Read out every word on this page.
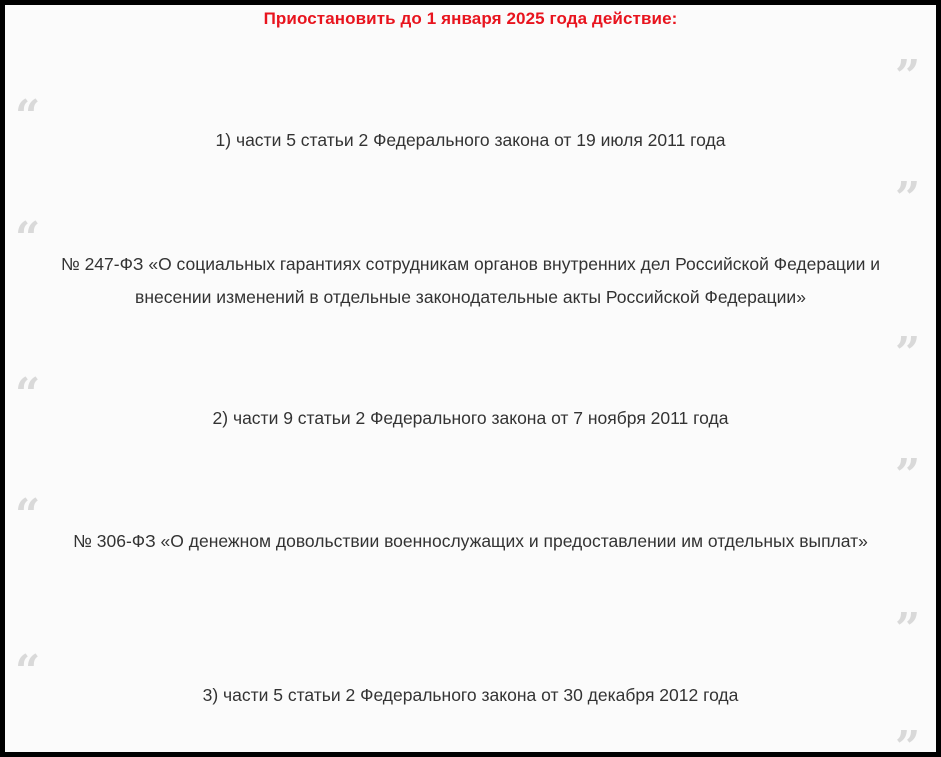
Приостановить до 1 января 2025 года действие:
”
“	1) части 5 статьи 2 Федерального закона от 19 июля 2011 года
”
“	№ 247-ФЗ «О социальных гарантиях сотрудникам органов внутренних дел Российской Федерации и внесении изменений в отдельные законодательные акты Российской Федерации»
”
“	2) части 9 статьи 2 Федерального закона от 7 ноября 2011 года
”
“	№ 306-ФЗ «О денежном довольствии военнослужащих и предоставлении им отдельных выплат»
”
“	3) части 5 статьи 2 Федерального закона от 30 декабря 2012 года
”
